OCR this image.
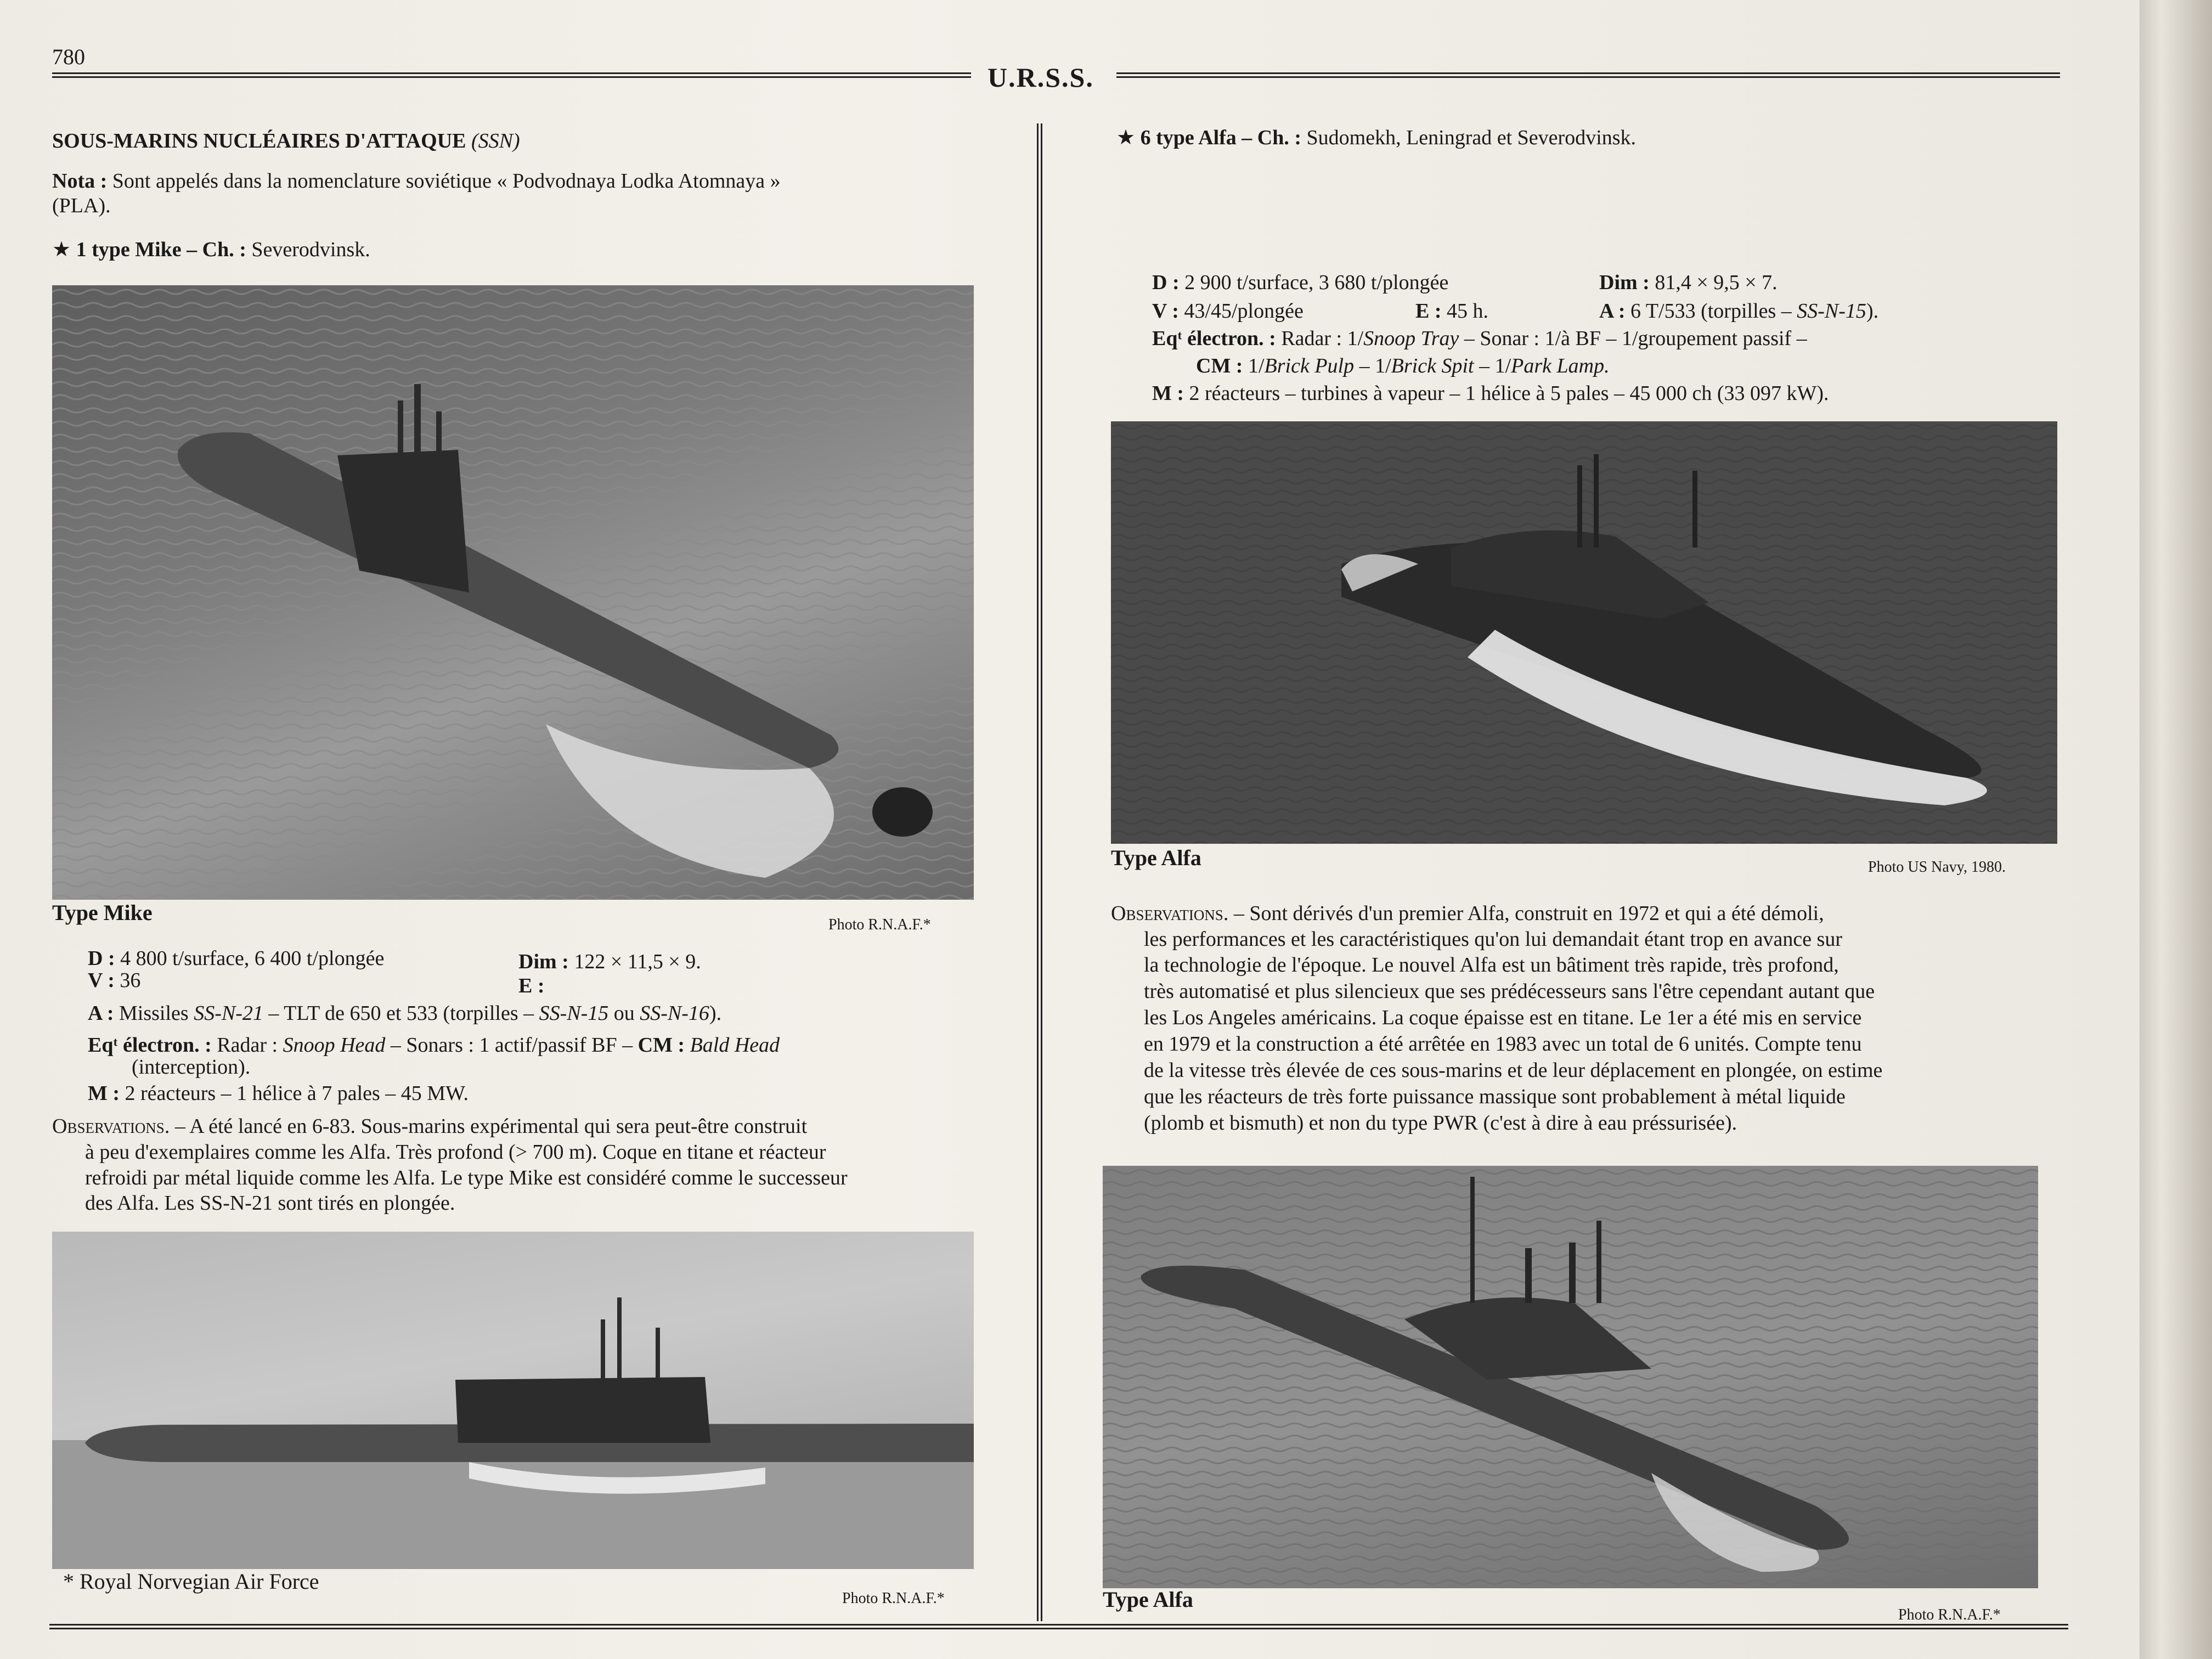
780
U.R.S.S.
SOUS-MARINS NUCLÉAIRES D'ATTAQUE (SSN)
Nota : Sont appelés dans la nomenclature soviétique « Podvodnaya Lodka Atomnaya »
(PLA).
★ 1 type Mike – Ch. : Severodvinsk.
Type Mike	Photo R.N.A.F.*
D : 4 800 t/surface, 6 400 t/plongée	Dim : 122 × 11,5 × 9.
V : 36	E :
A : Missiles SS-N-21 – TLT de 650 et 533 (torpilles – SS-N-15 ou SS-N-16).
Eqᵗ électron. : Radar : Snoop Head – Sonars : 1 actif/passif BF – CM : Bald Head
(interception).
M : 2 réacteurs – 1 hélice à 7 pales – 45 MW.
Observations. – A été lancé en 6-83. Sous-marins expérimental qui sera peut-être construit
à peu d'exemplaires comme les Alfa. Très profond (> 700 m). Coque en titane et réacteur
refroidi par métal liquide comme les Alfa. Le type Mike est considéré comme le successeur
des Alfa. Les SS-N-21 sont tirés en plongée.
* Royal Norvegian Air Force
Photo R.N.A.F.*
★ 6 type Alfa – Ch. : Sudomekh, Leningrad et Severodvinsk.
D : 2 900 t/surface, 3 680 t/plongée	Dim : 81,4 × 9,5 × 7.
V : 43/45/plongée	E : 45 h.	A : 6 T/533 (torpilles – SS-N-15).
Eqᵗ électron. : Radar : 1/Snoop Tray – Sonar : 1/à BF – 1/groupement passif –
CM : 1/Brick Pulp – 1/Brick Spit – 1/Park Lamp.
M : 2 réacteurs – turbines à vapeur – 1 hélice à 5 pales – 45 000 ch (33 097 kW).
Type Alfa	Photo US Navy, 1980.
Observations. – Sont dérivés d'un premier Alfa, construit en 1972 et qui a été démoli,
les performances et les caractéristiques qu'on lui demandait étant trop en avance sur
la technologie de l'époque. Le nouvel Alfa est un bâtiment très rapide, très profond,
très automatisé et plus silencieux que ses prédécesseurs sans l'être cependant autant que
les Los Angeles américains. La coque épaisse est en titane. Le 1er a été mis en service
en 1979 et la construction a été arrêtée en 1983 avec un total de 6 unités. Compte tenu
de la vitesse très élevée de ces sous-marins et de leur déplacement en plongée, on estime
que les réacteurs de très forte puissance massique sont probablement à métal liquide
(plomb et bismuth) et non du type PWR (c'est à dire à eau préssurisée).
Type Alfa
Photo R.N.A.F.*
